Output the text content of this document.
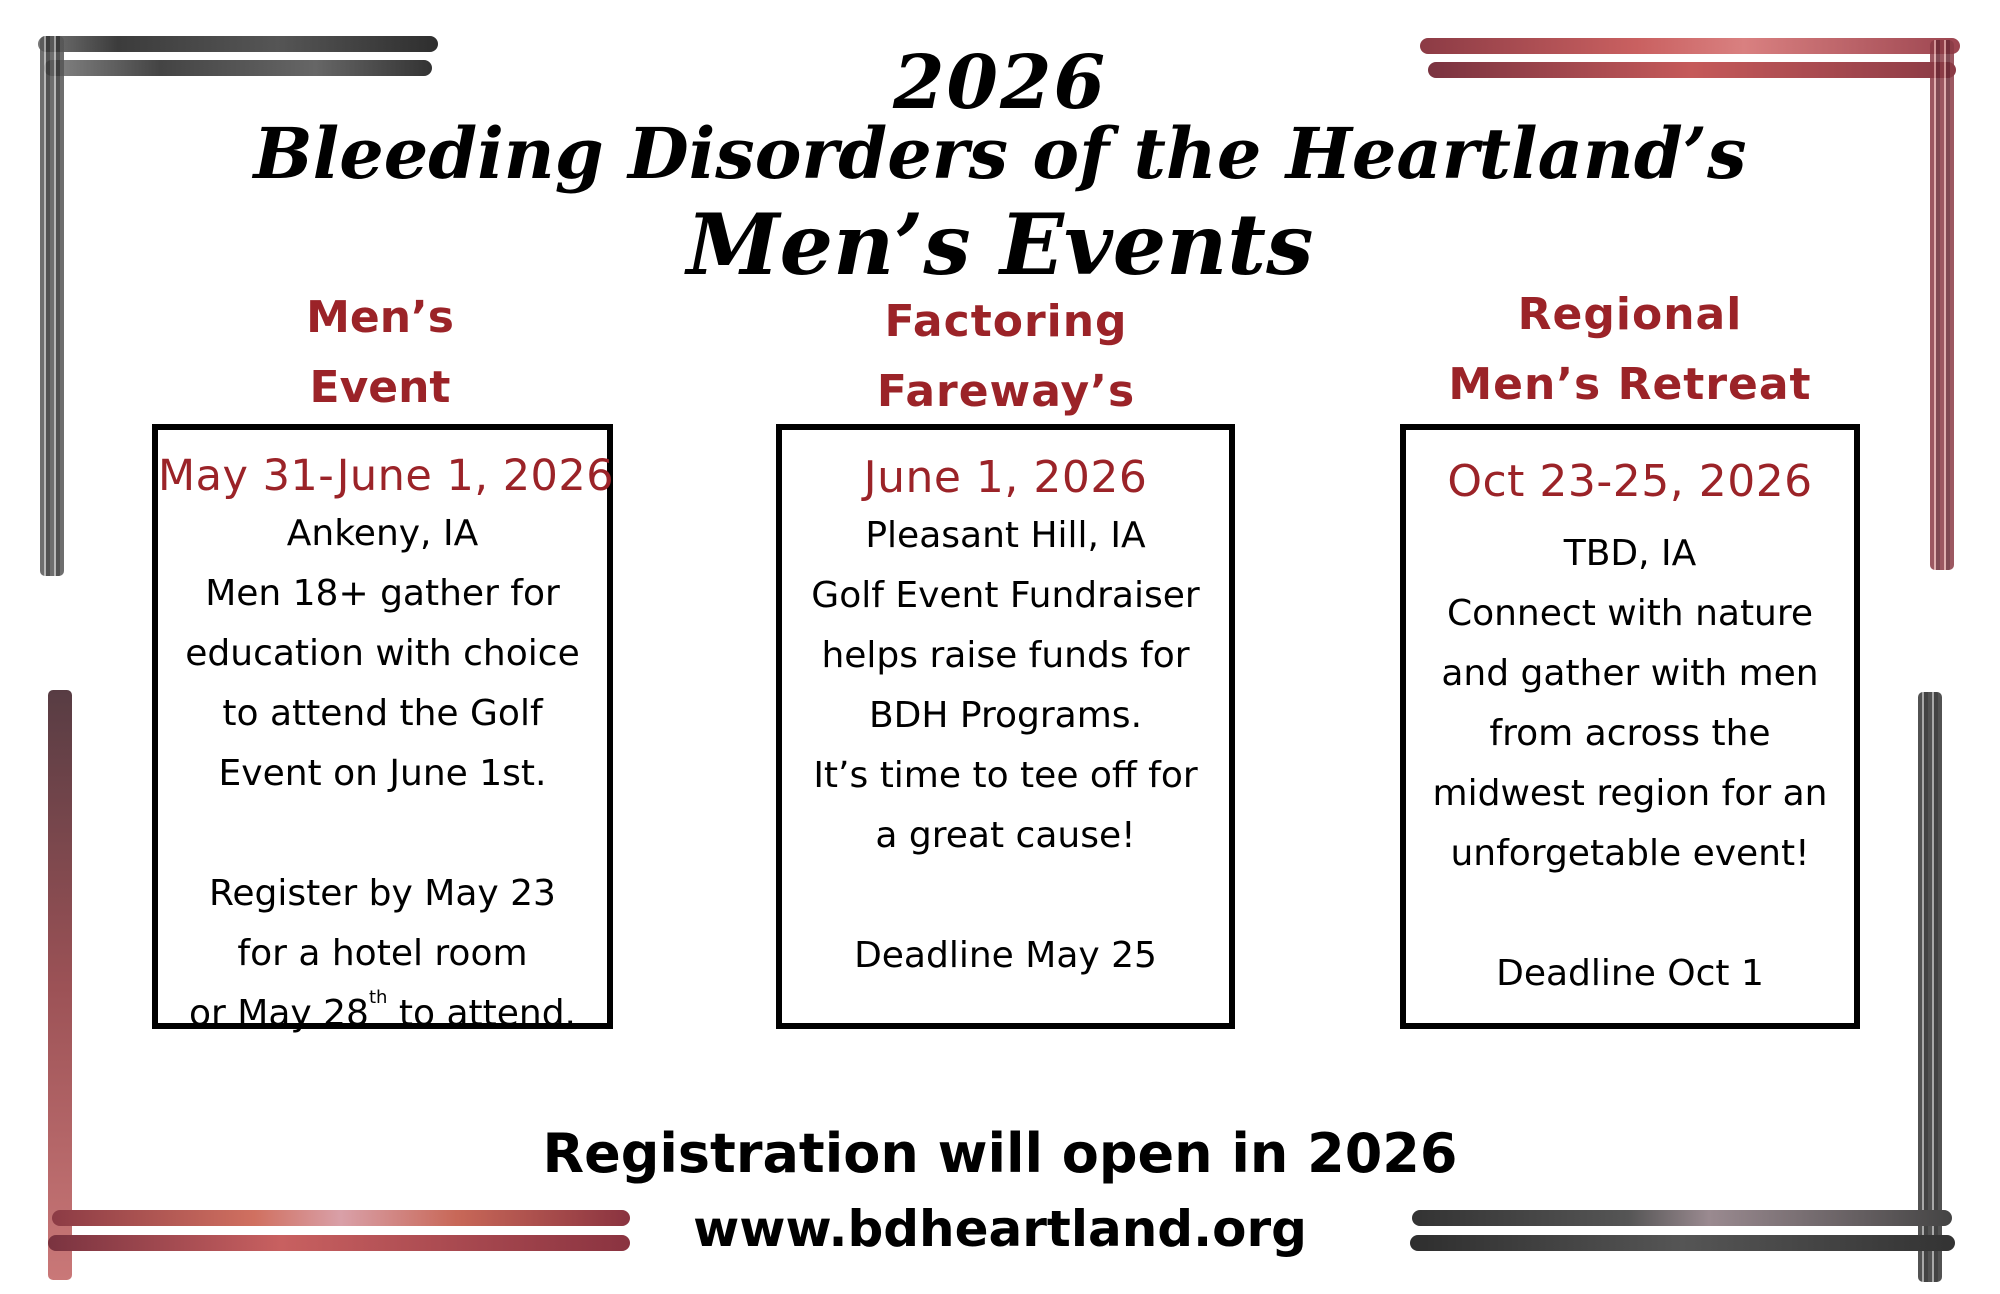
2026
Bleeding Disorders of the Heartland’s
Men’s Events
Men’s
Event
May 31-June 1, 2026
Ankeny, IA
Men 18+ gather for
education with choice
to attend the Golf
Event on June 1st.
Register by May 23
for a hotel room
or May 28th to attend.
Factoring
Fareway’s
June 1, 2026
Pleasant Hill, IA
Golf Event Fundraiser
helps raise funds for
BDH Programs.
It’s time to tee off for
a great cause!
Deadline May 25
Regional
Men’s Retreat
Oct 23-25, 2026
TBD, IA
Connect with nature
and gather with men
from across the
midwest region for an
unforgetable event!
Deadline Oct 1
Registration will open in 2026
www.bdheartland.org
